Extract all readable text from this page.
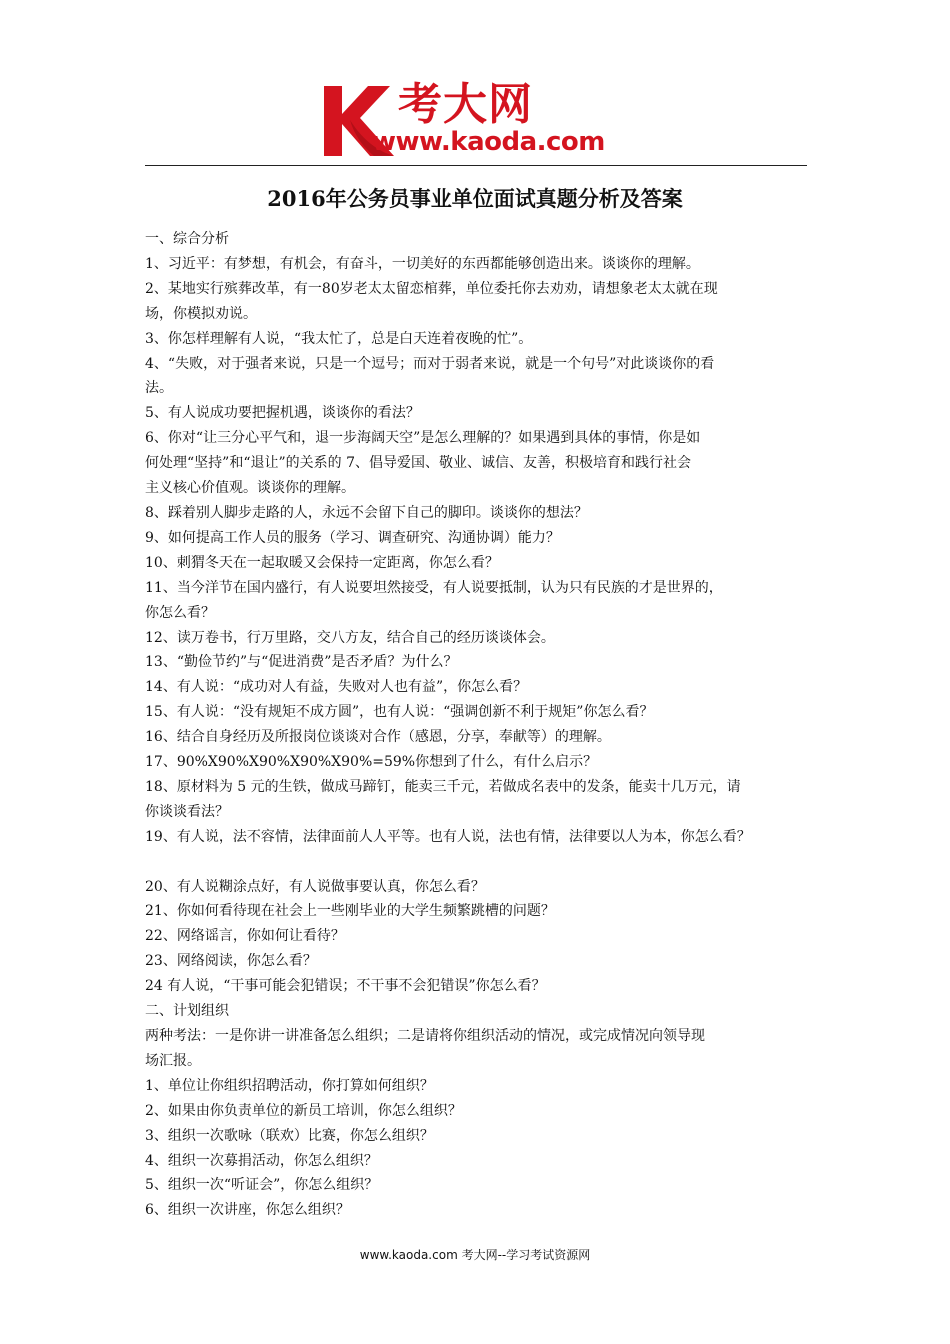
考大网
www.kaoda.com
2016年公务员事业单位面试真题分析及答案

一、综合分析

1、习近平：有梦想，有机会，有奋斗，一切美好的东西都能够创造出来。谈谈你的理解。

2、某地实行殡葬改革，有一80岁老太太留恋棺葬，单位委托你去劝劝，请想象老太太就在现

场，你模拟劝说。

3、你怎样理解有人说，“我太忙了，总是白天连着夜晚的忙”。

4、“失败，对于强者来说，只是一个逗号；而对于弱者来说，就是一个句号”对此谈谈你的看

法。

5、有人说成功要把握机遇，谈谈你的看法？

6、你对“让三分心平气和，退一步海阔天空”是怎么理解的？如果遇到具体的事情，你是如

何处理“坚持”和“退让”的关系的 7、倡导爱国、敬业、诚信、友善，积极培育和践行社会

主义核心价值观。谈谈你的理解。

8、踩着别人脚步走路的人，永远不会留下自己的脚印。谈谈你的想法？

9、如何提高工作人员的服务（学习、调查研究、沟通协调）能力？

10、刺猬冬天在一起取暖又会保持一定距离，你怎么看？

11、当今洋节在国内盛行，有人说要坦然接受，有人说要抵制，认为只有民族的才是世界的，

你怎么看？

12、读万卷书，行万里路，交八方友，结合自己的经历谈谈体会。

13、“勤俭节约”与“促进消费”是否矛盾？为什么？

14、有人说：“成功对人有益，失败对人也有益”，你怎么看？

15、有人说：“没有规矩不成方圆”，也有人说：“强调创新不利于规矩”你怎么看？

16、结合自身经历及所报岗位谈谈对合作（感恩，分享，奉献等）的理解。

17、90%X90%X90%X90%X90%=59%你想到了什么，有什么启示？

18、原材料为 5 元的生铁，做成马蹄钉，能卖三千元，若做成名表中的发条，能卖十几万元，请

你谈谈看法？

19、有人说，法不容情，法律面前人人平等。也有人说，法也有情，法律要以人为本，你怎么看？

20、有人说糊涂点好，有人说做事要认真，你怎么看？

21、你如何看待现在社会上一些刚毕业的大学生频繁跳槽的问题？

22、网络谣言，你如何让看待？

23、网络阅读，你怎么看？

24 有人说，“干事可能会犯错误；不干事不会犯错误”你怎么看？

二、计划组织

两种考法：一是你讲一讲准备怎么组织；二是请将你组织活动的情况，或完成情况向领导现

场汇报。

1、单位让你组织招聘活动，你打算如何组织？

2、如果由你负责单位的新员工培训，你怎么组织？

3、组织一次歌咏（联欢）比赛，你怎么组织？

4、组织一次募捐活动，你怎么组织？

5、组织一次“听证会”，你怎么组织？

6、组织一次讲座，你怎么组织？

www.kaoda.com 考大网--学习考试资源网
